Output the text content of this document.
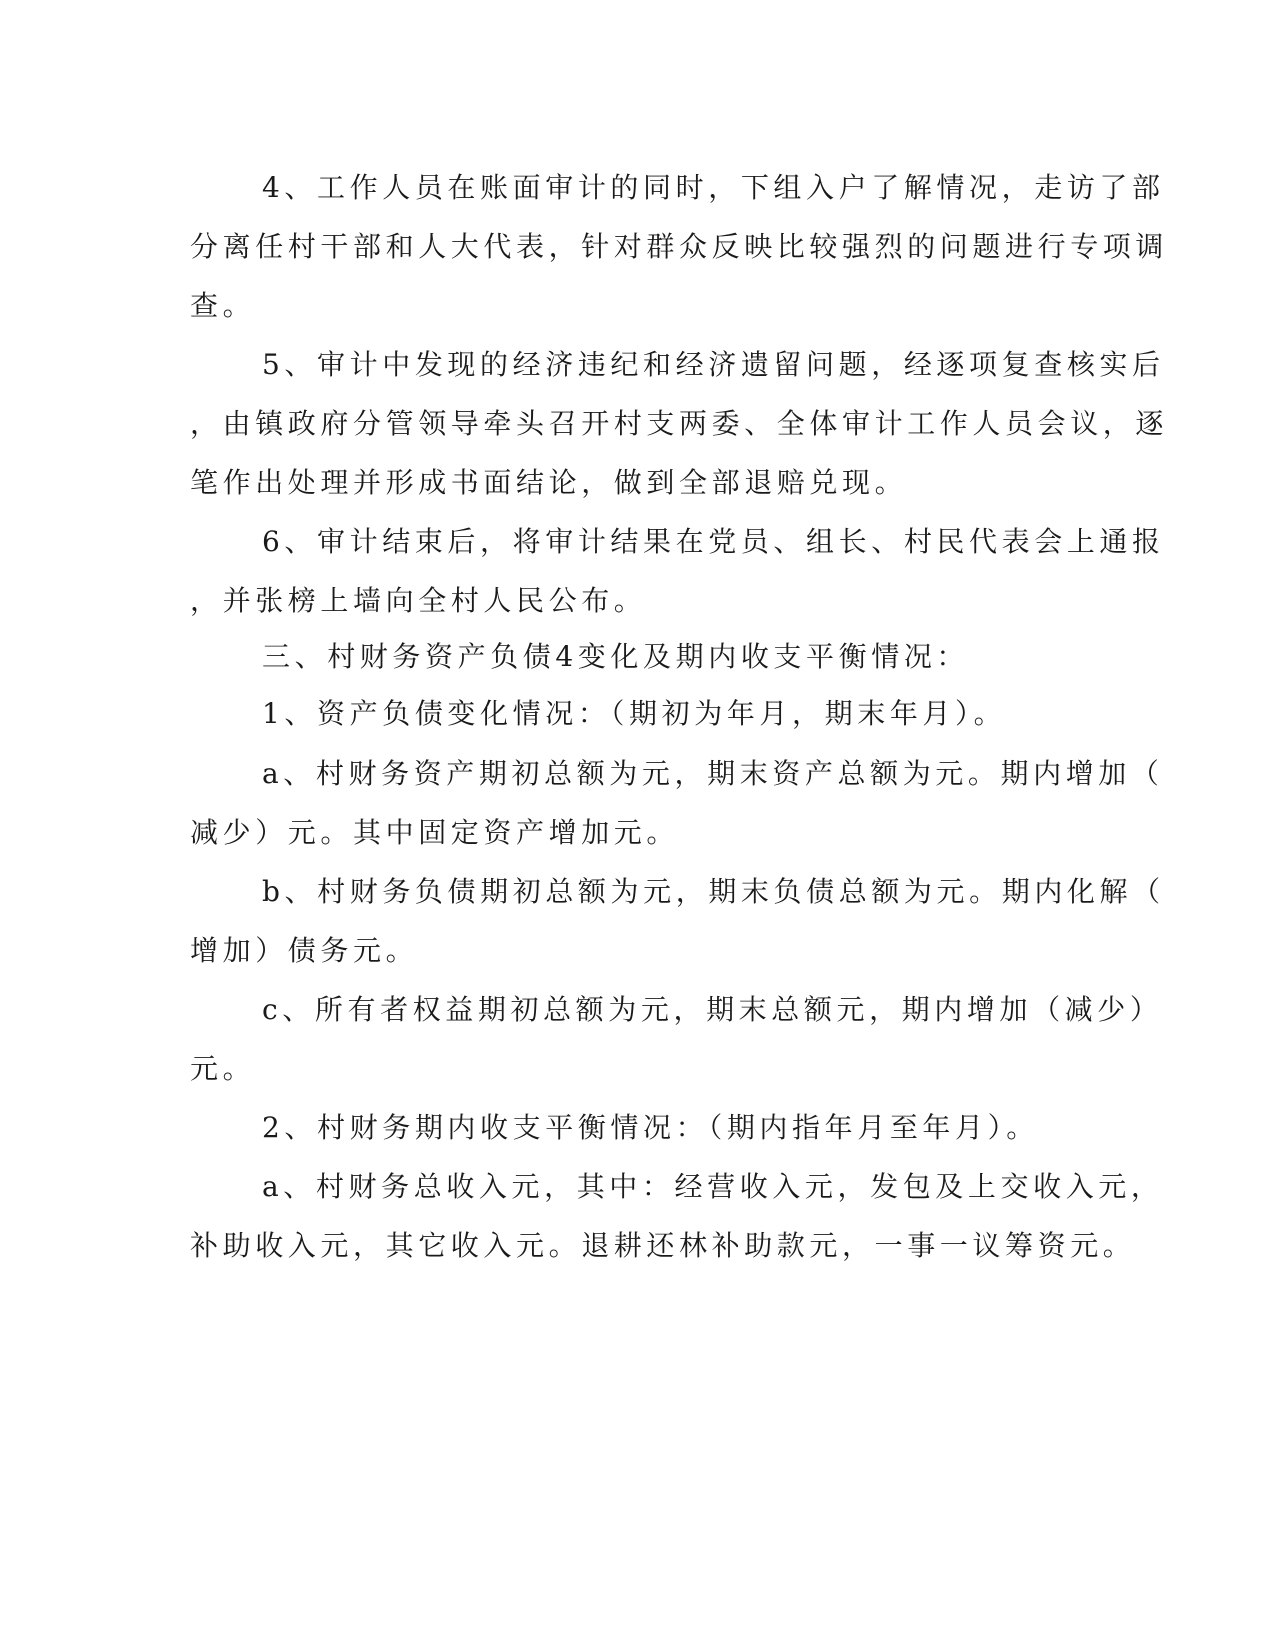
4、工作人员在账面审计的同时，下组入户了解情况，走访了部
分离任村干部和人大代表，针对群众反映比较强烈的问题进行专项调
查。
5、审计中发现的经济违纪和经济遗留问题，经逐项复查核实后
，由镇政府分管领导牵头召开村支两委、全体审计工作人员会议，逐
笔作出处理并形成书面结论，做到全部退赔兑现。
6、审计结束后，将审计结果在党员、组长、村民代表会上通报
，并张榜上墙向全村人民公布。
三、村财务资产负债4变化及期内收支平衡情况：
1、资产负债变化情况：（期初为年月，期末年月）。
a、村财务资产期初总额为元，期末资产总额为元。期内增加（
减少）元。其中固定资产增加元。
b、村财务负债期初总额为元，期末负债总额为元。期内化解（
增加）债务元。
c、所有者权益期初总额为元，期末总额元，期内增加（减少）
元。
2、村财务期内收支平衡情况：（期内指年月至年月）。
a、村财务总收入元，其中：经营收入元，发包及上交收入元，
补助收入元，其它收入元。退耕还林补助款元，一事一议筹资元。
